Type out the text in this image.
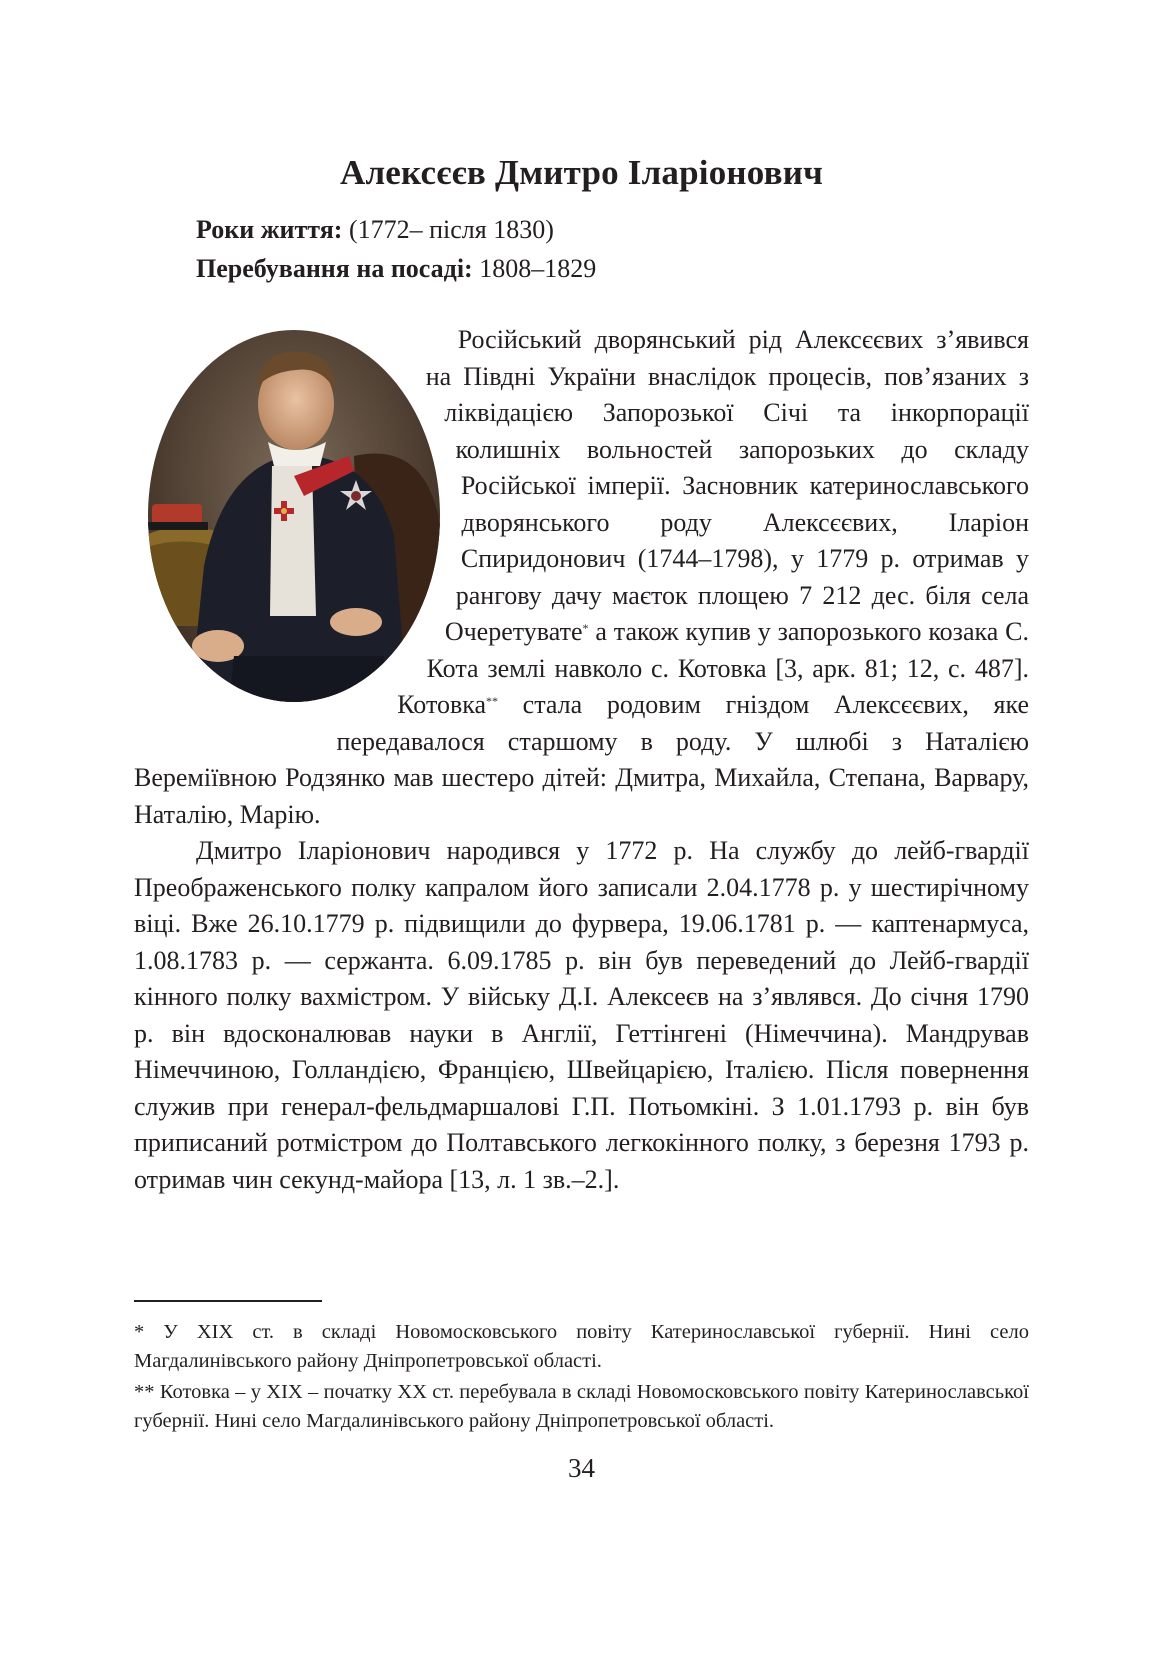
Алексєєв Дмитро Іларіонович
Роки життя: (1772– після 1830)
Перебування на посаді: 1808–1829

Російський дворянський рід Алексєєвих з’явився на Півдні України внаслідок процесів, пов’язаних з ліквідацією Запорозької Січі та інкорпорації колишніх вольностей запорозьких до складу Російської імперії. Засновник катеринославського дворянського роду Алексєєвих, Іларіон Спиридонович (1744–1798), у 1779 р. отримав у рангову дачу маєток площею 7 212 дес. біля села Очеретувате* а також купив у запорозького козака С. Кота землі навколо с. Котовка [3, арк. 81; 12, с. 487]. Котовка** стала родовим гніздом Алексєєвих, яке передавалося старшому в роду. У шлюбі з Наталією Вереміївною Родзянко мав шестеро дітей: Дмитра, Михайла, Степана, Варвару, Наталію, Марію.

Дмитро Іларіонович народився у 1772 р. На службу до лейб-гвардії Преображенського полку капралом його записали 2.04.1778 р. у шестирічному віці. Вже 26.10.1779 р. підвищили до фурвера, 19.06.1781 р. — каптенармуса, 1.08.1783 р. — сержанта. 6.09.1785 р. він був переведений до Лейб-гвардії кінного полку вахмістром. У війську Д.І. Алексеєв на з’являвся. До січня 1790 р. він вдосконалював науки в Англії, Геттінгені (Німеччина). Мандрував Німеччиною, Голландією, Францією, Швейцарією, Італією. Після повернення служив при генерал-фельдмаршалові Г.П. Потьомкіні. З 1.01.1793 р. він був приписаний ротмістром до Полтавського легкокінного полку, з березня 1793 р. отримав чин секунд-майора [13, л. 1 зв.–2.].

* У XIX ст. в складі Новомосковського повіту Катеринославської губернії. Нині село Магдалинівського району Дніпропетровської області.

** Котовка – у XIX – початку XX ст. перебувала в складі Новомосковського повіту Катеринославської губернії. Нині село Магдалинівського району Дніпропетровської області.

34
